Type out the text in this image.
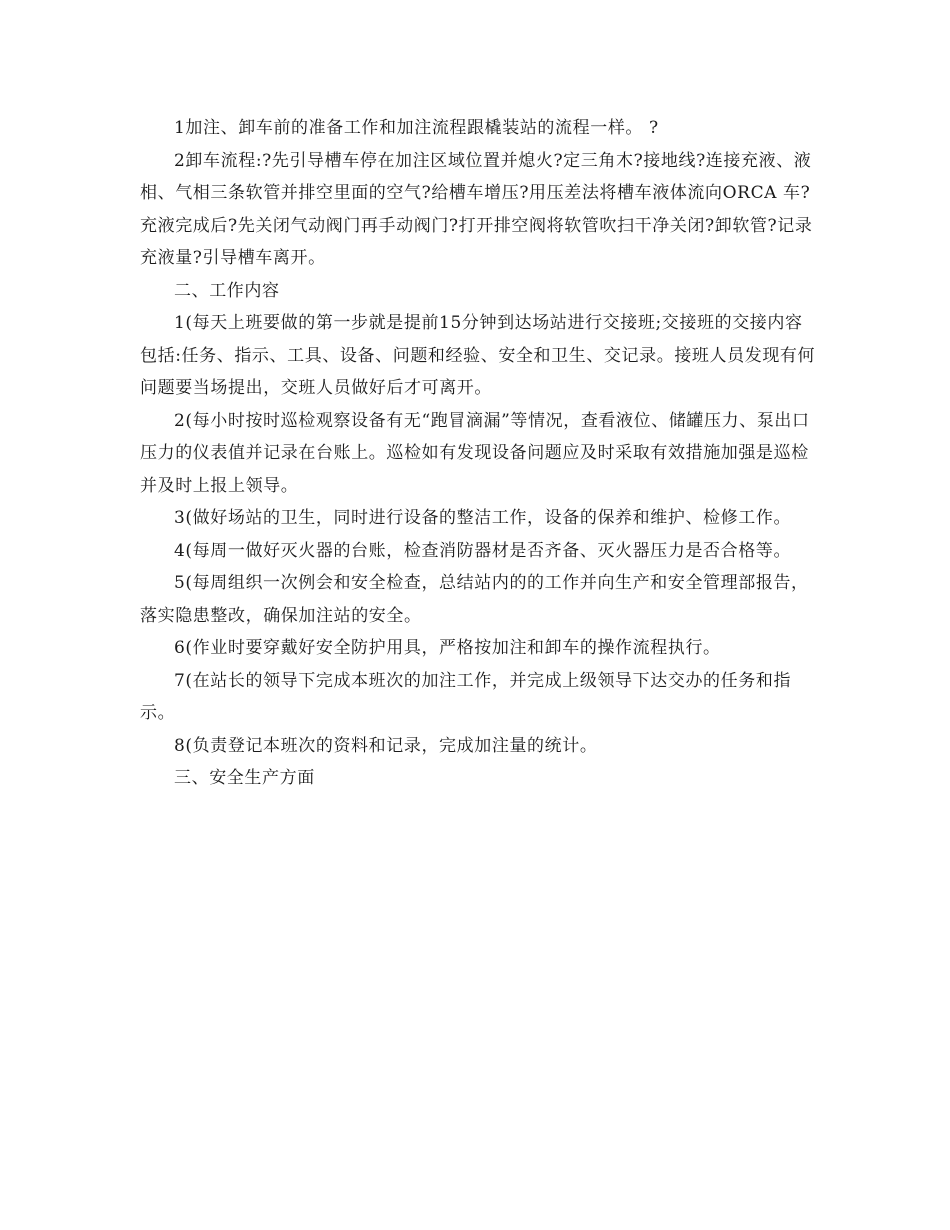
1加注、卸车前的准备工作和加注流程跟橇装站的流程一样。 ?

2卸车流程:?先引导槽车停在加注区域位置并熄火?定三角木?接地线?连接充液、液相、气相三条软管并排空里面的空气?给槽车增压?用压差法将槽车液体流向ORCA 车?充液完成后?先关闭气动阀门再手动阀门?打开排空阀将软管吹扫干净关闭?卸软管?记录充液量?引导槽车离开。

二、工作内容

1(每天上班要做的第一步就是提前15分钟到达场站进行交接班;交接班的交接内容包括:任务、指示、工具、设备、问题和经验、安全和卫生、交记录。接班人员发现有何问题要当场提出，交班人员做好后才可离开。

2(每小时按时巡检观察设备有无“跑冒滴漏”等情况，查看液位、储罐压力、泵出口压力的仪表值并记录在台账上。巡检如有发现设备问题应及时采取有效措施加强是巡检并及时上报上领导。

3(做好场站的卫生，同时进行设备的整洁工作，设备的保养和维护、检修工作。

4(每周一做好灭火器的台账，检查消防器材是否齐备、灭火器压力是否合格等。

5(每周组织一次例会和安全检查，总结站内的的工作并向生产和安全管理部报告，落实隐患整改，确保加注站的安全。

6(作业时要穿戴好安全防护用具，严格按加注和卸车的操作流程执行。

7(在站长的领导下完成本班次的加注工作，并完成上级领导下达交办的任务和指示。

8(负责登记本班次的资料和记录，完成加注量的统计。

三、安全生产方面
